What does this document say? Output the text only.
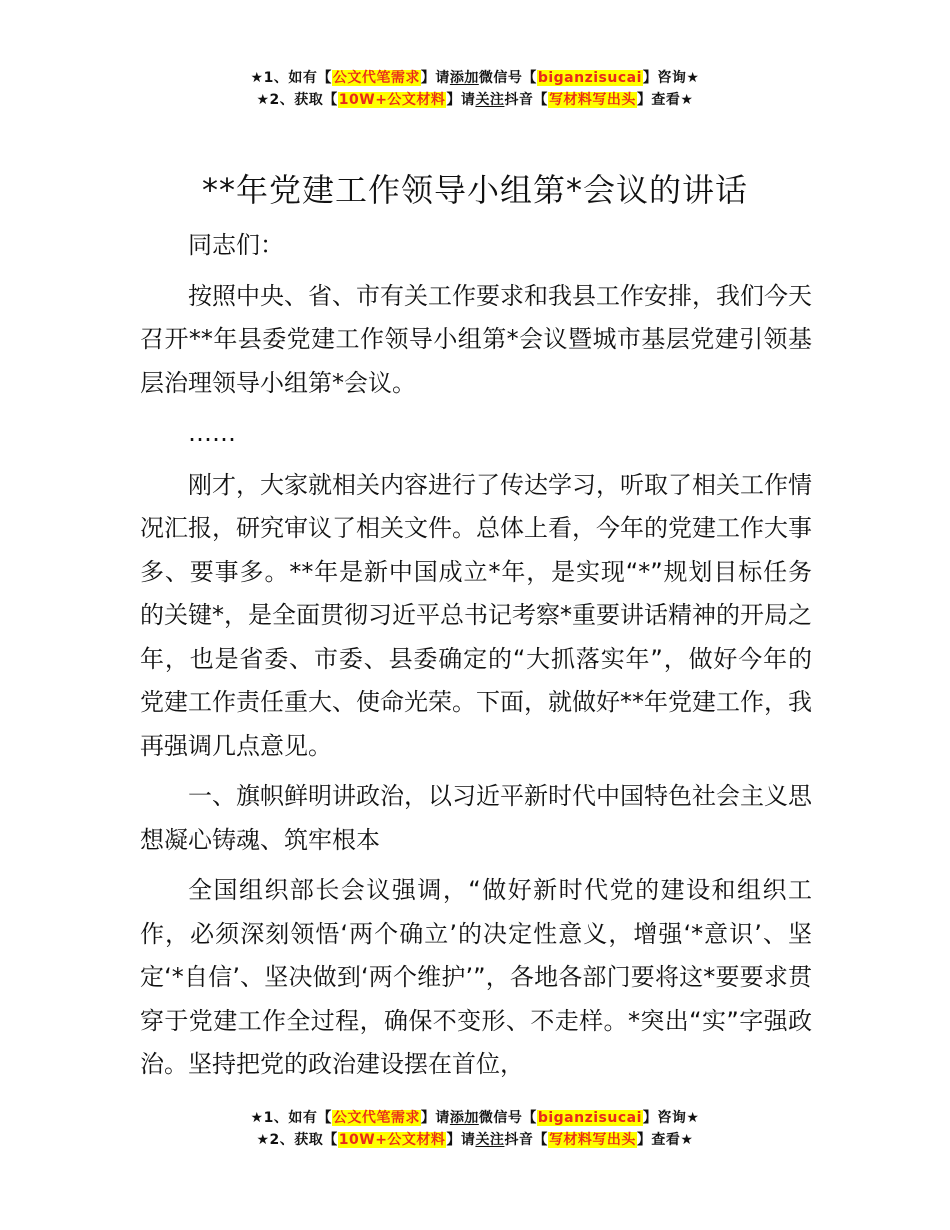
★1、如有【公文代笔需求】请添加微信号【biganzisucai】咨询★
★2、获取【10W+公文材料】请关注抖音【写材料写出头】查看★
**年党建工作领导小组第*会议的讲话

同志们：

按照中央、省、市有关工作要求和我县工作安排，我们今天召开**年县委党建工作领导小组第*会议暨城市基层党建引领基层治理领导小组第*会议。

……

刚才，大家就相关内容进行了传达学习，听取了相关工作情况汇报，研究审议了相关文件。总体上看，今年的党建工作大事多、要事多。**年是新中国成立*年，是实现“*”规划目标任务的关键*，是全面贯彻习近平总书记考察*重要讲话精神的开局之年，也是省委、市委、县委确定的“大抓落实年”，做好今年的党建工作责任重大、使命光荣。下面，就做好**年党建工作，我再强调几点意见。

一、旗帜鲜明讲政治，以习近平新时代中国特色社会主义思想凝心铸魂、筑牢根本

全国组织部长会议强调，“做好新时代党的建设和组织工作，必须深刻领悟‘两个确立’的决定性意义，增强‘*意识’、坚定‘*自信’、坚决做到‘两个维护’”，各地各部门要将这*要要求贯穿于党建工作全过程，确保不变形、不走样。*突出“实”字强政治。坚持把党的政治建设摆在首位，

★1、如有【公文代笔需求】请添加微信号【biganzisucai】咨询★
★2、获取【10W+公文材料】请关注抖音【写材料写出头】查看★
